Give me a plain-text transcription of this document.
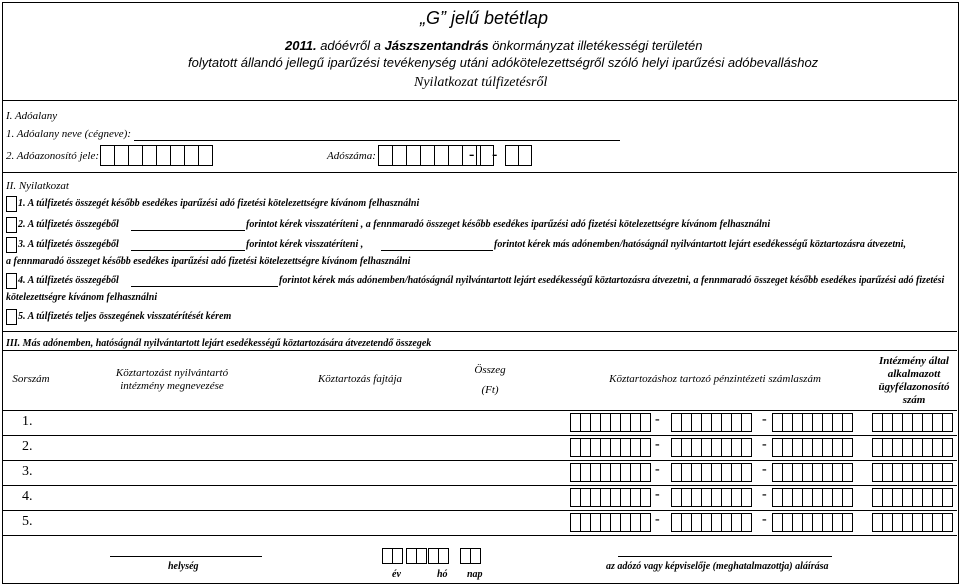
„G” jelű betétlap
2011. adóévről a Jászszentandrás önkormányzat illetékességi területén
folytatott állandó jellegű iparűzési tevékenység utáni adókötelezettségről szóló helyi iparűzési adóbevalláshoz
Nyilatkozat túlfizetésről
I. Adóalany
1. Adóalany neve (cégneve):
2. Adóazonosító jele:	Adószáma:	- -
II. Nyilatkozat
1. A túlfizetés összegét később esedékes iparűzési adó fizetési kötelezettségre kívánom felhasználni
2. A túlfizetés összegéből	forintot kérek visszatéríteni , a fennmaradó összeget később esedékes iparűzési adó fizetési kötelezettségre kívánom felhasználni
3. A túlfizetés összegéből	forintot kérek visszatéríteni ,	forintot kérek más adónemben/hatóságnál nyilvántartott lejárt esedékességű köztartozásra átvezetni,
a fennmaradó összeget később esedékes iparűzési adó fizetési kötelezettségre kívánom felhasználni
4. A túlfizetés összegéből	forintot kérek más adónemben/hatóságnál nyilvántartott lejárt esedékességű köztartozásra átvezetni, a fennmaradó összeget később esedékes iparűzési adó fizetési
kötelezettségre kívánom felhasználni
5. A túlfizetés teljes összegének visszatérítését kérem
III. Más adónemben, hatóságnál nyilvántartott lejárt esedékességű köztartozására átvezetendő összegek
Sorszám
Köztartozást nyilvántartó intézmény megnevezése
Köztartozás fajtája
Összeg
(Ft)
Köztartozáshoz tartozó pénzintézeti számlaszám
Intézmény által alkalmazott ügyfélazonosító szám
1.	-	-
2.	-	-
3.	-	-
4.	-	-
5.	-	-
helység
év	hó nap
az adózó vagy képviselője (meghatalmazottja) aláírása
